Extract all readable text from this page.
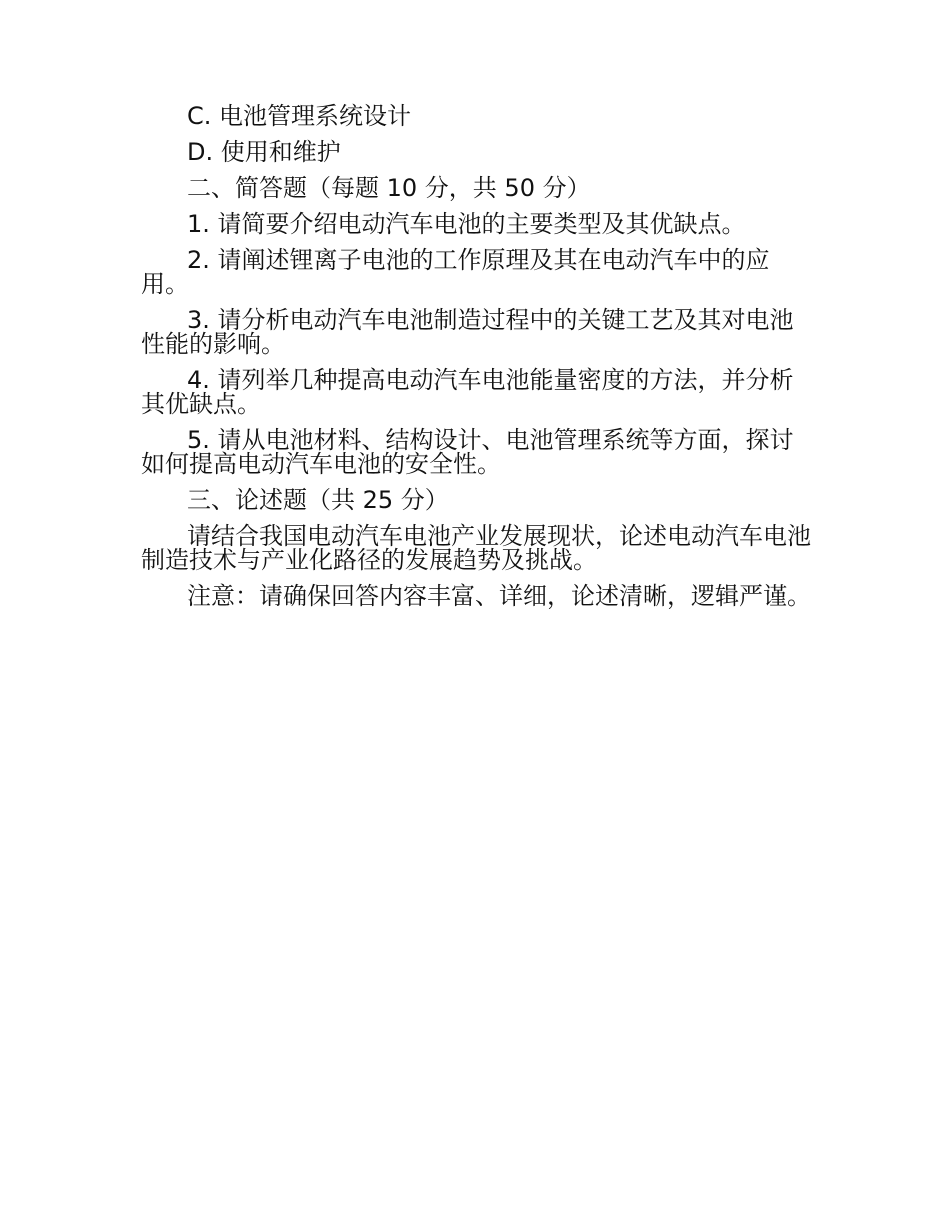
C. 电池管理系统设计

D. 使用和维护

二、简答题（每题 10 分，共 50 分）

1. 请简要介绍电动汽车电池的主要类型及其优缺点。

2. 请阐述锂离子电池的工作原理及其在电动汽车中的应用。

3. 请分析电动汽车电池制造过程中的关键工艺及其对电池性能的影响。

4. 请列举几种提高电动汽车电池能量密度的方法，并分析其优缺点。

5. 请从电池材料、结构设计、电池管理系统等方面，探讨如何提高电动汽车电池的安全性。

三、论述题（共 25 分）

请结合我国电动汽车电池产业发展现状，论述电动汽车电池制造技术与产业化路径的发展趋势及挑战。

注意：请确保回答内容丰富、详细，论述清晰，逻辑严谨。
